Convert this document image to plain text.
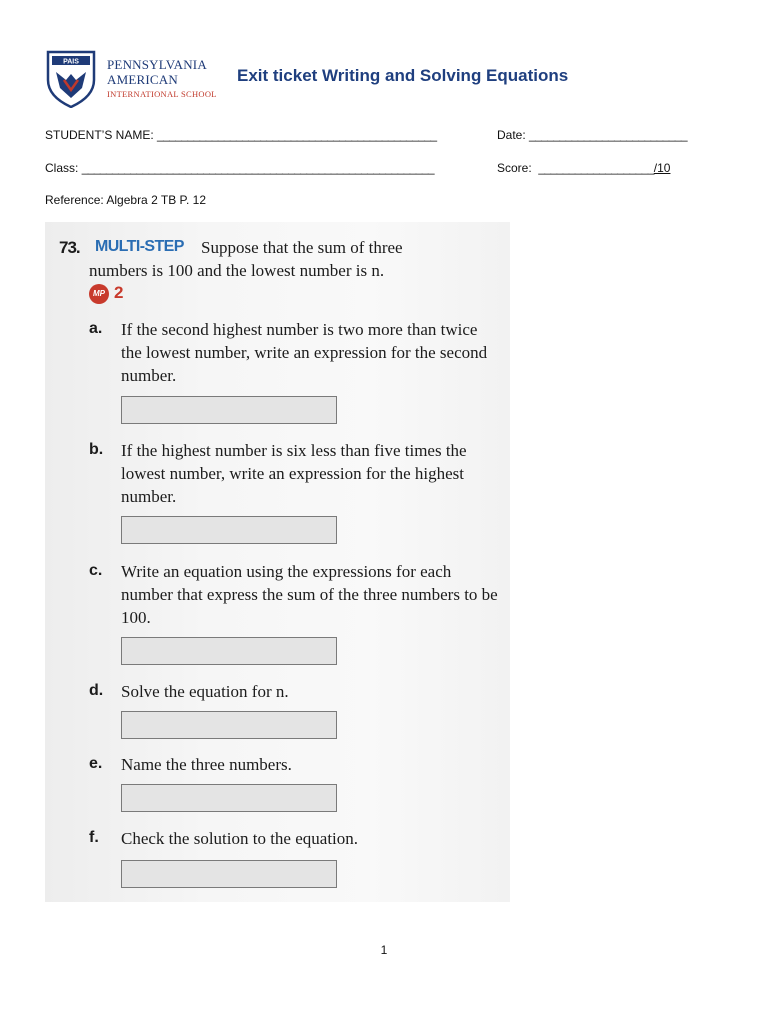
PAIS PENNSYLVANIA
AMERICAN
INTERNATIONAL SCHOOL
Exit ticket Writing and Solving Equations
STUDENT’S NAME: ______________________________________________	Date: __________________________
Class: __________________________________________________________	Score: ___________________/10
Reference: Algebra 2 TB P. 12
73.	Suppose that the sum of three numbers is 100 and the lowest number is n.
MULTI-STEP
MP 2
a. If the second highest number is two more than twice the lowest number, write an expression for the second number.
b. If the highest number is six less than five times the lowest number, write an expression for the highest number.
c. Write an equation using the expressions for each number that express the sum of the three numbers to be 100.
d. Solve the equation for n.
e. Name the three numbers.
f. Check the solution to the equation.
1
